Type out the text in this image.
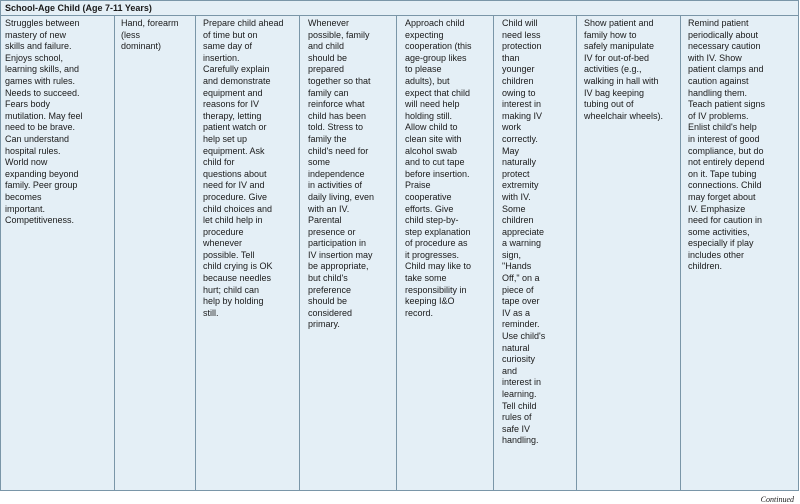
School-Age Child (Age 7-11 Years)
Struggles between
mastery of new
skills and failure.
Enjoys school,
learning skills, and
games with rules.
Needs to succeed.
Fears body
mutilation. May feel
need to be brave.
Can understand
hospital rules.
World now
expanding beyond
family. Peer group
becomes
important.
Competitiveness.
Hand, forearm
(less
dominant)
Prepare child ahead
of time but on
same day of
insertion.
Carefully explain
and demonstrate
equipment and
reasons for IV
therapy, letting
patient watch or
help set up
equipment. Ask
child for
questions about
need for IV and
procedure. Give
child choices and
let child help in
procedure
whenever
possible. Tell
child crying is OK
because needles
hurt; child can
help by holding
still.
Whenever
possible, family
and child
should be
prepared
together so that
family can
reinforce what
child has been
told. Stress to
family the
child's need for
some
independence
in activities of
daily living, even
with an IV.
Parental
presence or
participation in
IV insertion may
be appropriate,
but child's
preference
should be
considered
primary.
Approach child
expecting
cooperation (this
age-group likes
to please
adults), but
expect that child
will need help
holding still.
Allow child to
clean site with
alcohol swab
and to cut tape
before insertion.
Praise
cooperative
efforts. Give
child step-by-
step explanation
of procedure as
it progresses.
Child may like to
take some
responsibility in
keeping I&O
record.
Child will
need less
protection
than
younger
children
owing to
interest in
making IV
work
correctly.
May
naturally
protect
extremity
with IV.
Some
children
appreciate
a warning
sign,
"Hands
Off," on a
piece of
tape over
IV as a
reminder.
Use child's
natural
curiosity
and
interest in
learning.
Tell child
rules of
safe IV
handling.
Show patient and
family how to
safely manipulate
IV for out-of-bed
activities (e.g.,
walking in hall with
IV bag keeping
tubing out of
wheelchair wheels).
Remind patient
periodically about
necessary caution
with IV. Show
patient clamps and
caution against
handling them.
Teach patient signs
of IV problems.
Enlist child's help
in interest of good
compliance, but do
not entirely depend
on it. Tape tubing
connections. Child
may forget about
IV. Emphasize
need for caution in
some activities,
especially if play
includes other
children.
Continued
